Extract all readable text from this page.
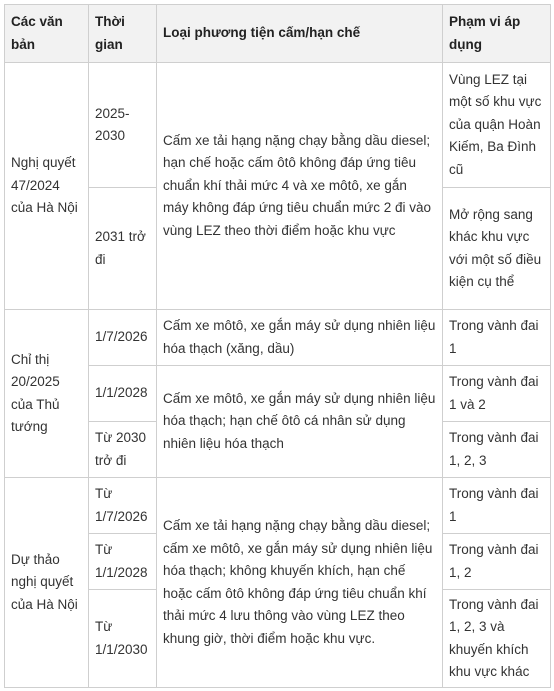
Các văn bản	Thời gian	Loại phương tiện cấm/hạn chế	Phạm vi áp dụng
Nghị quyết 47/2024 của Hà Nội	2025-2030	Cấm xe tải hạng nặng chạy bằng dầu diesel; hạn chế hoặc cấm ôtô không đáp ứng tiêu chuẩn khí thải mức 4 và xe môtô, xe gắn máy không đáp ứng tiêu chuẩn mức 2 đi vào vùng LEZ theo thời điểm hoặc khu vực	Vùng LEZ tại một số khu vực của quận Hoàn Kiếm, Ba Đình cũ
	2031 trở đi		Mở rộng sang khác khu vực với một số điều kiện cụ thể
Chỉ thị 20/2025 của Thủ tướng	1/7/2026	Cấm xe môtô, xe gắn máy sử dụng nhiên liệu hóa thạch (xăng, dầu)	Trong vành đai 1
	1/1/2028	Cấm xe môtô, xe gắn máy sử dụng nhiên liệu hóa thạch; hạn chế ôtô cá nhân sử dụng nhiên liệu hóa thạch	Trong vành đai 1 và 2
	Từ 2030 trở đi		Trong vành đai 1, 2, 3
Dự thảo nghị quyết của Hà Nội	Từ 1/7/2026	Cấm xe tải hạng nặng chạy bằng dầu diesel; cấm xe môtô, xe gắn máy sử dụng nhiên liệu hóa thạch; không khuyến khích, hạn chế hoặc cấm ôtô không đáp ứng tiêu chuẩn khí thải mức 4 lưu thông vào vùng LEZ theo khung giờ, thời điểm hoặc khu vực.	Trong vành đai 1
	Từ 1/1/2028		Trong vành đai 1, 2
	Từ 1/1/2030		Trong vành đai 1, 2, 3 và khuyến khích khu vực khác
